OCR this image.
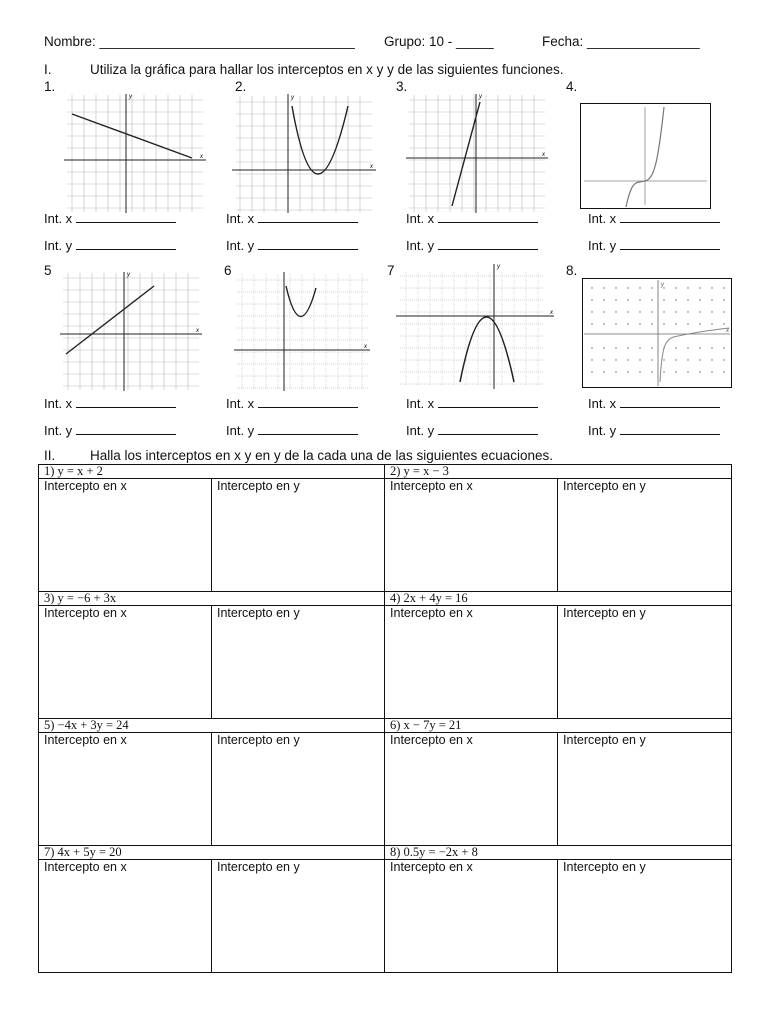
Nombre: __________________________________ Grupo: 10 - _____	Fecha: _______________
I.	Utiliza la gráfica para hallar los interceptos en x y y de las siguientes funciones.
1.	2.	3.	4.
5	6	7.	8.
x
y
x
y
x
y
x
y
x
x
y
x
y
Int. x
Int. y
Int. x
Int. y
Int. x
Int. y
Int. x
Int. y
Int. x
Int. y
Int. x
Int. y
Int. x
Int. y
Int. x
Int. y
II.	Halla los interceptos en x y en y de la cada una de las siguientes ecuaciones.
1) y = x + 2		2) y = x − 3	
Intercepto en x	Intercepto en y	Intercepto en x	Intercepto en y
3) y = −6 + 3x		4) 2x + 4y = 16	
Intercepto en x	Intercepto en y	Intercepto en x	Intercepto en y
5) −4x + 3y = 24		6) x − 7y = 21	
Intercepto en x	Intercepto en y	Intercepto en x	Intercepto en y
7) 4x + 5y = 20		8) 0.5y = −2x + 8	
Intercepto en x	Intercepto en y	Intercepto en x	Intercepto en y
